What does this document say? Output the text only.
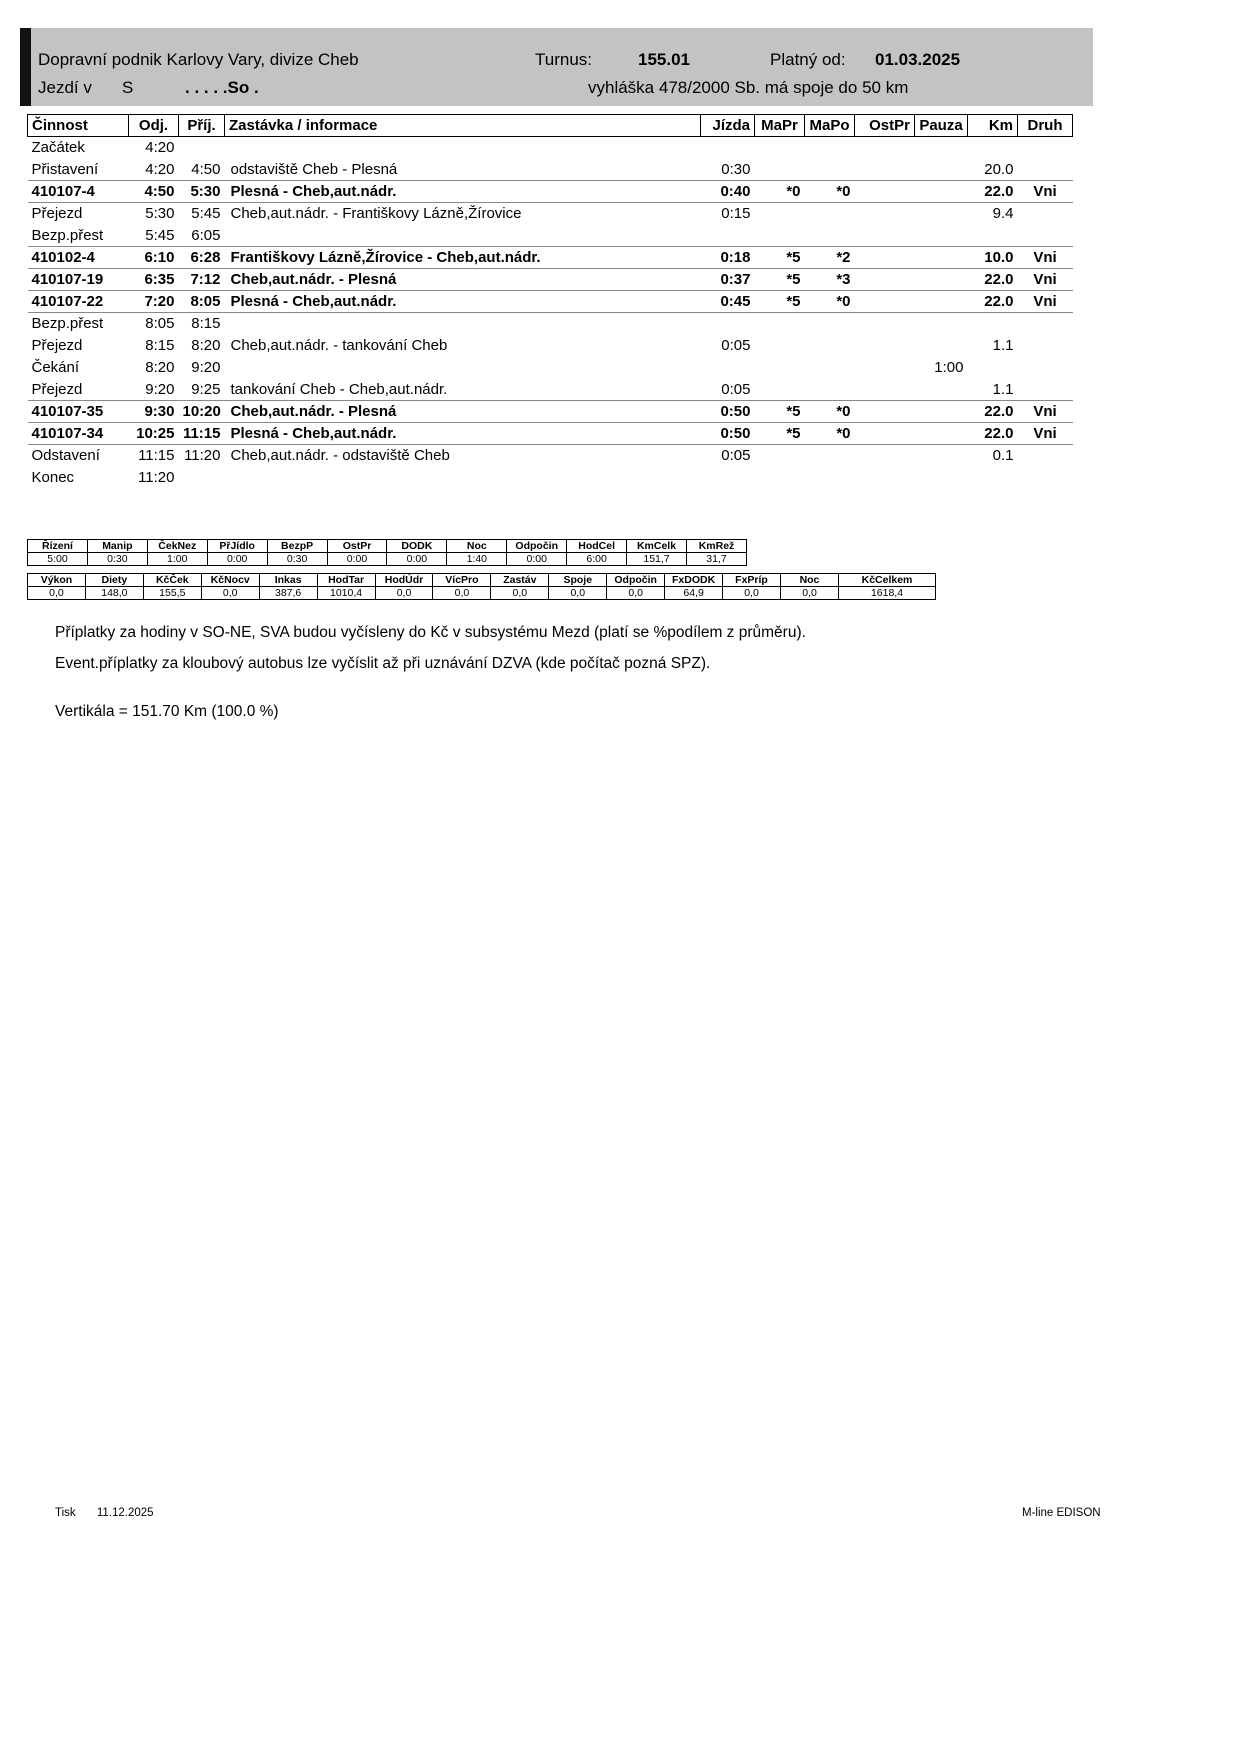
Dopravní podnik Karlovy Vary, divize Cheb	Turnus:	155.01	Platný od: 01.03.2025
Jezdí v S	. . . . .So .	vyhláška 478/2000 Sb. má spoje do 50 km
Činnost	Odj.	Příj.	Zastávka / informace	Jízda	MaPr	MaPo	OstPr	Pauza	Km	Druh
Začátek	4:20									
Přistavení	4:20	4:50	odstaviště Cheb - Plesná	0:30					20.0	
410107-4	4:50	5:30	Plesná - Cheb,aut.nádr.	0:40	*0	*0			22.0	Vni
Přejezd	5:30	5:45	Cheb,aut.nádr. - Františkovy Lázně,Žírovice	0:15					9.4	
Bezp.přest	5:45	6:05								
410102-4	6:10	6:28	Františkovy Lázně,Žírovice - Cheb,aut.nádr.	0:18	*5	*2			10.0	Vni
410107-19	6:35	7:12	Cheb,aut.nádr. - Plesná	0:37	*5	*3			22.0	Vni
410107-22	7:20	8:05	Plesná - Cheb,aut.nádr.	0:45	*5	*0			22.0	Vni
Bezp.přest	8:05	8:15								
Přejezd	8:15	8:20	Cheb,aut.nádr. - tankování Cheb	0:05					1.1	
Čekání	8:20	9:20						1:00		
Přejezd	9:20	9:25	tankování Cheb - Cheb,aut.nádr.	0:05					1.1	
410107-35	9:30	10:20	Cheb,aut.nádr. - Plesná	0:50	*5	*0			22.0	Vni
410107-34	10:25	11:15	Plesná - Cheb,aut.nádr.	0:50	*5	*0			22.0	Vni
Odstavení	11:15	11:20	Cheb,aut.nádr. - odstaviště Cheb	0:05					0.1	
Konec	11:20									
Řízení	Manip	ČekNez	PřJídlo	BezpP	OstPr	DODK	Noc	Odpočin	HodCel	KmCelk	KmRež
5:00	0:30	1:00	0:00	0:30	0:00	0:00	1:40	0:00	6:00	151,7	31,7
Výkon	Diety	KčČek	KčNocv	Inkas	HodTar	HodÚdr	VícPro	Zastáv	Spoje	Odpočin	FxDODK	FxPríp	Noc	KčCelkem
0,0	148,0	155,5	0,0	387,6	1010,4	0,0	0,0	0,0	0,0	0,0	64,9	0,0	0,0	1618,4

Příplatky za hodiny v SO-NE, SVA budou vyčísleny do Kč v subsystému Mezd (platí se %podílem z průměru).

Event.příplatky za kloubový autobus lze vyčíslit až při uznávání DZVA (kde počítač pozná SPZ).

Vertikála = 151.70 Km (100.0 %)
Tisk 11.12.2025	M-line EDISON
